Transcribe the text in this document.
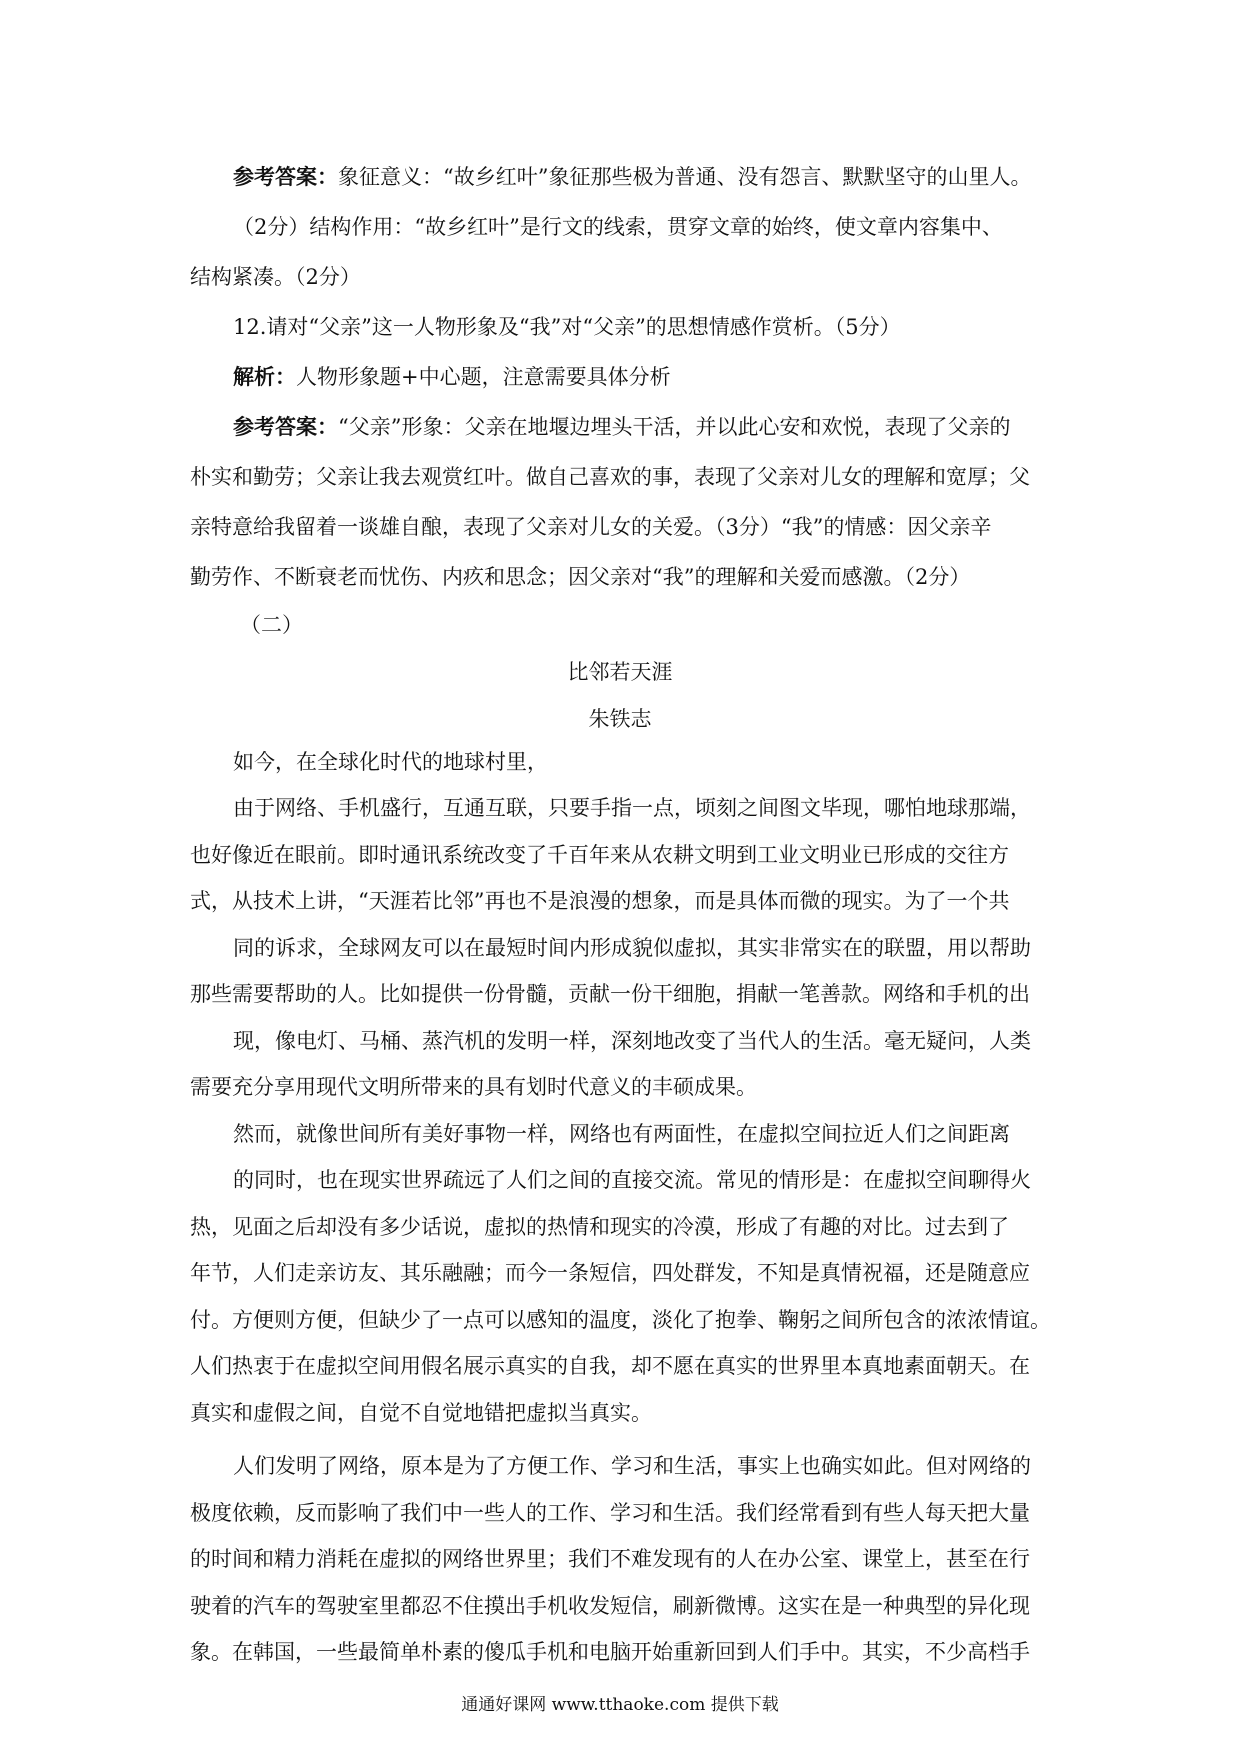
参考答案：象征意义：“故乡红叶”象征那些极为普通、没有怨言、默默坚守的山里人。
（2分）结构作用：“故乡红叶”是行文的线索，贯穿文章的始终，使文章内容集中、
结构紧凑。（2分）
12.请对“父亲”这一人物形象及“我”对“父亲”的思想情感作赏析。（5分）
解析：人物形象题+中心题，注意需要具体分析
参考答案：“父亲”形象：父亲在地堰边埋头干活，并以此心安和欢悦，表现了父亲的
朴实和勤劳；父亲让我去观赏红叶。做自己喜欢的事，表现了父亲对儿女的理解和宽厚；父
亲特意给我留着一谈雄自酿，表现了父亲对儿女的关爱。（3分）“我”的情感：因父亲辛
勤劳作、不断衰老而忧伤、内疚和思念；因父亲对“我”的理解和关爱而感激。（2分）
（二）
比邻若天涯
朱铁志
如今，在全球化时代的地球村里，
由于网络、手机盛行，互通互联，只要手指一点，顷刻之间图文毕现，哪怕地球那端，
也好像近在眼前。即时通讯系统改变了千百年来从农耕文明到工业文明业已形成的交往方
式，从技术上讲，“天涯若比邻”再也不是浪漫的想象，而是具体而微的现实。为了一个共
同的诉求，全球网友可以在最短时间内形成貌似虚拟，其实非常实在的联盟，用以帮助
那些需要帮助的人。比如提供一份骨髓，贡献一份干细胞，捐献一笔善款。网络和手机的出
现，像电灯、马桶、蒸汽机的发明一样，深刻地改变了当代人的生活。毫无疑问，人类
需要充分享用现代文明所带来的具有划时代意义的丰硕成果。
然而，就像世间所有美好事物一样，网络也有两面性，在虚拟空间拉近人们之间距离
的同时，也在现实世界疏远了人们之间的直接交流。常见的情形是：在虚拟空间聊得火
热，见面之后却没有多少话说，虚拟的热情和现实的冷漠，形成了有趣的对比。过去到了
年节，人们走亲访友、其乐融融；而今一条短信，四处群发，不知是真情祝福，还是随意应
付。方便则方便，但缺少了一点可以感知的温度，淡化了抱拳、鞠躬之间所包含的浓浓情谊。
人们热衷于在虚拟空间用假名展示真实的自我，却不愿在真实的世界里本真地素面朝天。在
真实和虚假之间，自觉不自觉地错把虚拟当真实。
人们发明了网络，原本是为了方便工作、学习和生活，事实上也确实如此。但对网络的
极度依赖，反而影响了我们中一些人的工作、学习和生活。我们经常看到有些人每天把大量
的时间和精力消耗在虚拟的网络世界里；我们不难发现有的人在办公室、课堂上，甚至在行
驶着的汽车的驾驶室里都忍不住摸出手机收发短信，刷新微博。这实在是一种典型的异化现
象。在韩国，一些最简单朴素的傻瓜手机和电脑开始重新回到人们手中。其实，不少高档手
通通好课网 www.tthaoke.com 提供下载
